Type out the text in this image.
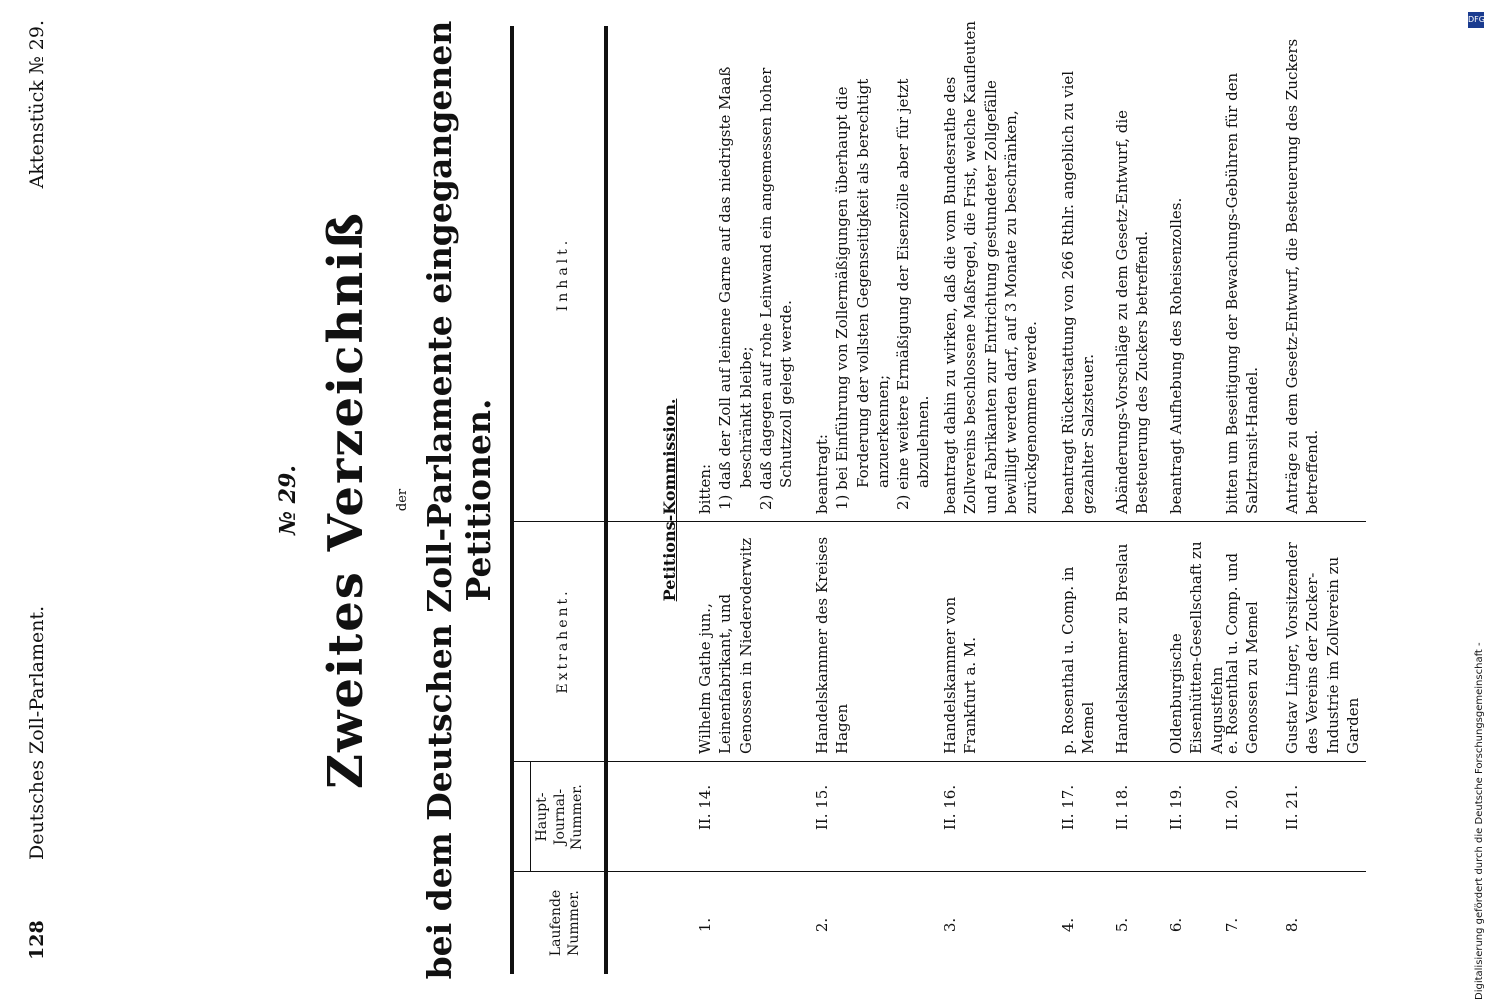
128
Deutsches Zoll-Parlament.
Aktenstück № 29.
№ 29. Zweites Verzeichniß der bei dem Deutschen Zoll-Parlamente eingegangenen Petitionen.
Laufende Nummer.
Haupt-Journal-Nummer.
Extrahent.
Inhalt.
Petitions-Kommission.
1.
II. 14.
Wilhelm Gathe jun., Leinenfabrikant, und Genossen in Niederoderwitz
bitten: 1) daß der Zoll auf leinene Garne auf das niedrigste Maaß beschränkt bleibe; 2) daß dagegen auf rohe Leinwand ein angemessen hoher Schutzzoll gelegt werde.
2.
II. 15.
Handelskammer des Kreises Hagen
beantragt: 1) bei Einführung von Zollermäßigungen überhaupt die Forderung der vollsten Gegenseitigkeit als berechtigt anzuerkennen; 2) eine weitere Ermäßigung der Eisenzölle aber für jetzt abzulehnen.
3.
II. 16.
Handelskammer von Frankfurt a. M.
beantragt dahin zu wirken, daß die vom Bundesrathe des Zollvereins beschlossene Maßregel, die Frist, welche Kaufleuten und Fabrikanten zur Entrichtung gestundeter Zollgefälle bewilligt werden darf, auf 3 Monate zu beschränken, zurückgenommen werde.
4.
II. 17.
p. Rosenthal u. Comp. in Memel
beantragt Rückerstattung von 266 Rthlr. angeblich zu viel gezahlter Salzsteuer.
5.
II. 18.
Handelskammer zu Breslau
Abänderungs-Vorschläge zu dem Gesetz-Entwurf, die Besteuerung des Zuckers betreffend.
6.
II. 19.
Oldenburgische Eisenhütten-Gesellschaft zu Augustfehn
beantragt Aufhebung des Roheisenzolles.
7.
II. 20.
e. Rosenthal u. Comp. und Genossen zu Memel
bitten um Beseitigung der Bewachungs-Gebühren für den Salztransit-Handel.
8.
II. 21.
Gustav Linger, Vorsitzender des Vereins der Zucker-Industrie im Zollverein zu Garden
Anträge zu dem Gesetz-Entwurf, die Besteuerung des Zuckers betreffend.
DFG
Digitalisierung gefördert durch die Deutsche Forschungsgemeinschaft -
